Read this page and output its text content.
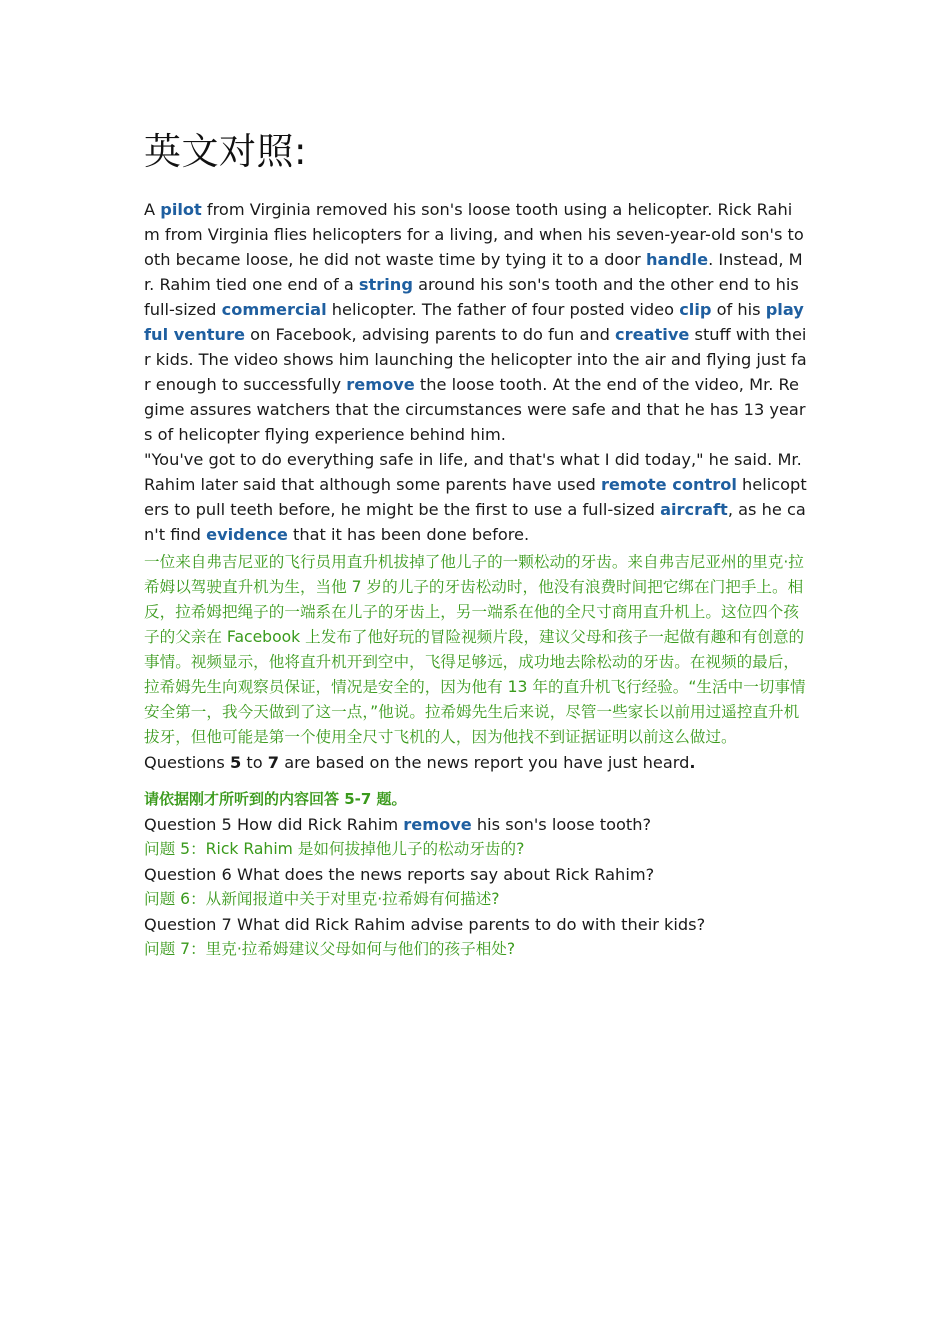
英文对照:

A pilot from Virginia removed his son's loose tooth using a helicopter. Rick Rahim from Virginia flies helicopters for a living, and when his seven-year-old son's tooth became loose, he did not waste time by tying it to a door handle. Instead, Mr. Rahim tied one end of a string around his son's tooth and the other end to his full-sized commercial helicopter. The father of four posted video clip of his playful venture on Facebook, advising parents to do fun and creative stuff with their kids. The video shows him launching the helicopter into the air and flying just far enough to successfully remove the loose tooth. At the end of the video, Mr. Regime assures watchers that the circumstances were safe and that he has 13 years of helicopter flying experience behind him.

"You've got to do everything safe in life, and that's what I did today," he said. Mr. Rahim later said that although some parents have used remote control helicopters to pull teeth before, he might be the first to use a full-sized aircraft, as he can't find evidence that it has been done before.

一位来自弗吉尼亚的飞行员用直升机拔掉了他儿子的一颗松动的牙齿。来自弗吉尼亚州的里克·拉希姆以驾驶直升机为生，当他 7 岁的儿子的牙齿松动时，他没有浪费时间把它绑在门把手上。相反，拉希姆把绳子的一端系在儿子的牙齿上，另一端系在他的全尺寸商用直升机上。这位四个孩子的父亲在 Facebook 上发布了他好玩的冒险视频片段，建议父母和孩子一起做有趣和有创意的事情。视频显示，他将直升机开到空中，飞得足够远，成功地去除松动的牙齿。在视频的最后，拉希姆先生向观察员保证，情况是安全的，因为他有 13 年的直升机飞行经验。“生活中一切事情安全第一，我今天做到了这一点，”他说。拉希姆先生后来说，尽管一些家长以前用过遥控直升机拔牙，但他可能是第一个使用全尺寸飞机的人，因为他找不到证据证明以前这么做过。

Questions 5 to 7 are based on the news report you have just heard.

请依据刚才所听到的内容回答 5-7 题。

Question 5 How did Rick Rahim remove his son's loose tooth?

问题 5：Rick Rahim 是如何拔掉他儿子的松动牙齿的?

Question 6 What does the news reports say about Rick Rahim?

问题 6：从新闻报道中关于对里克·拉希姆有何描述?

Question 7 What did Rick Rahim advise parents to do with their kids?

问题 7：里克·拉希姆建议父母如何与他们的孩子相处?
